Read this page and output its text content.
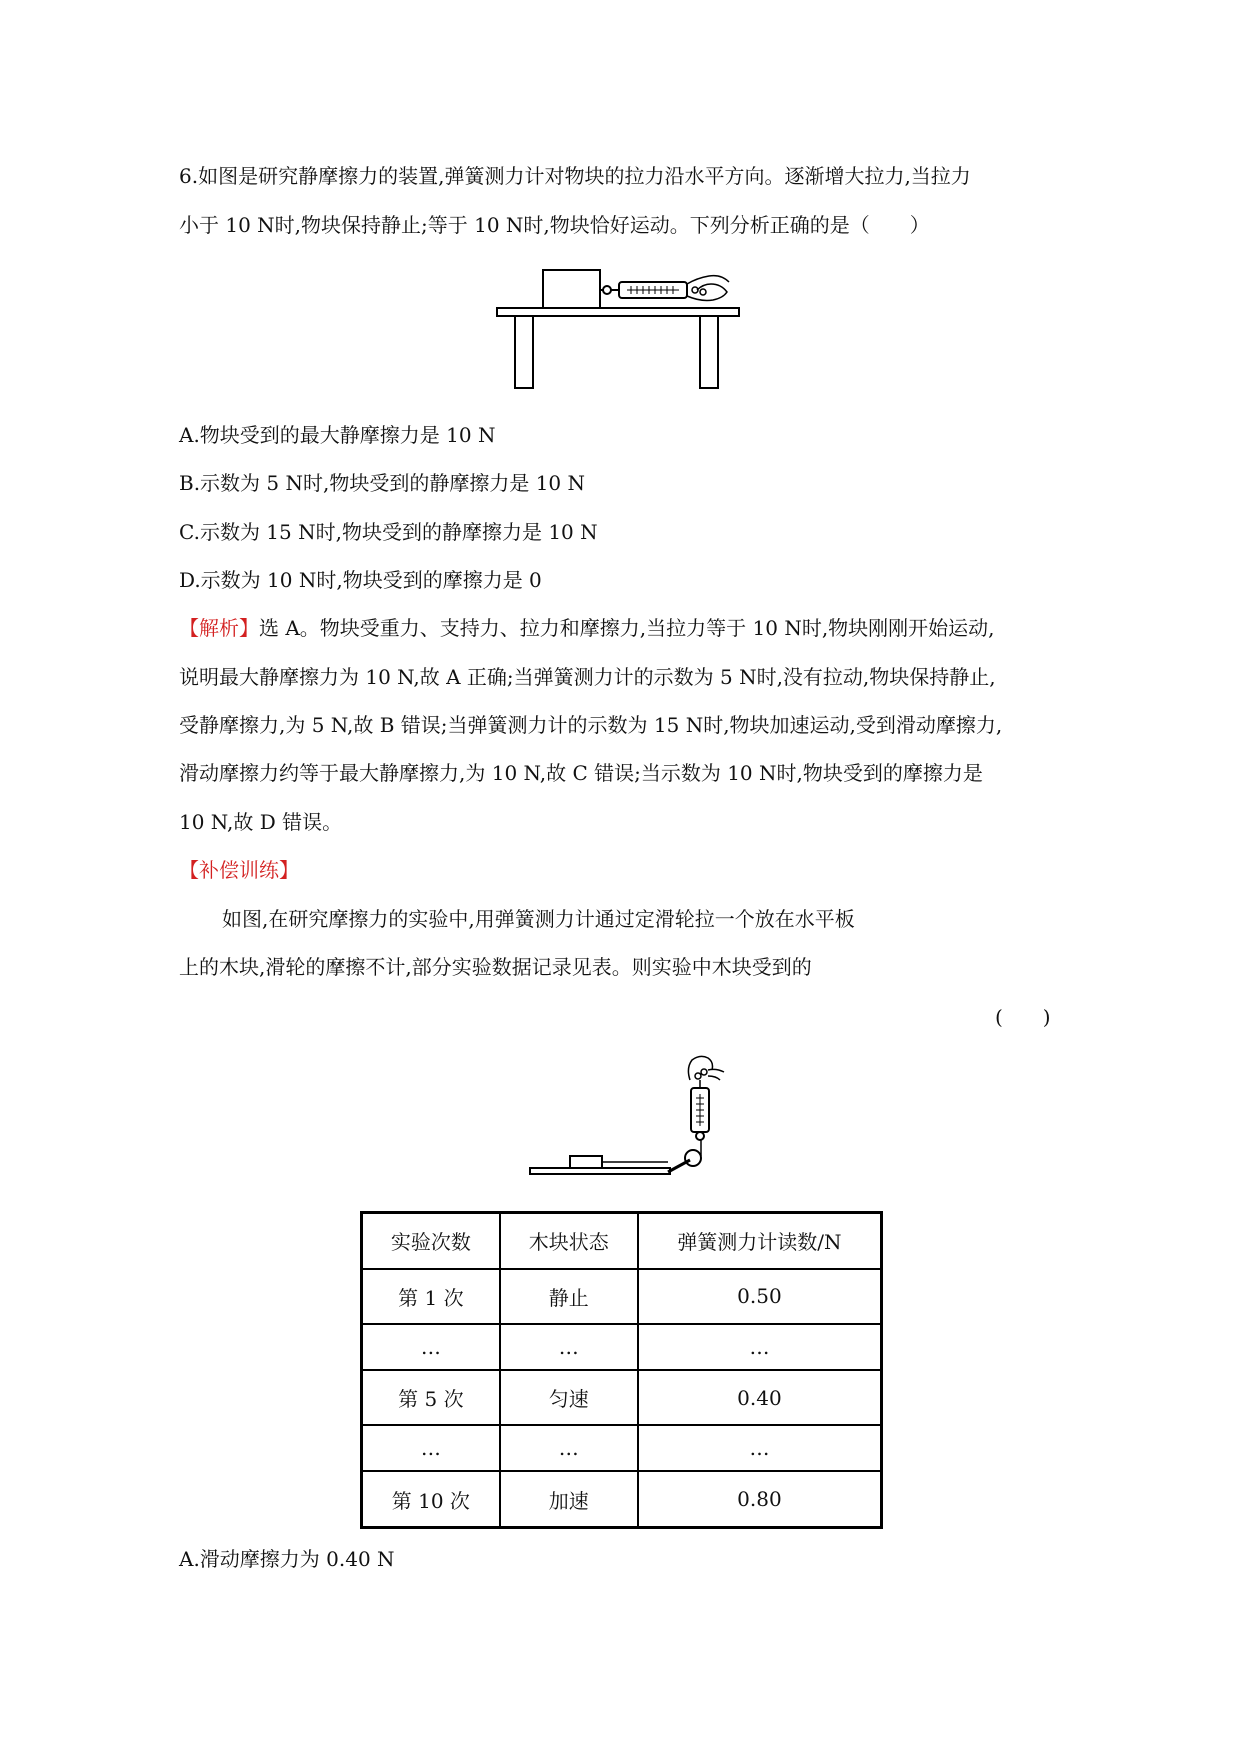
6.如图是研究静摩擦力的装置,弹簧测力计对物块的拉力沿水平方向。逐渐增大拉力,当拉力
小于 10 N时,物块保持静止;等于 10 N时,物块恰好运动。下列分析正确的是（　　）
A.物块受到的最大静摩擦力是 10 N
B.示数为 5 N时,物块受到的静摩擦力是 10 N
C.示数为 15 N时,物块受到的静摩擦力是 10 N
D.示数为 10 N时,物块受到的摩擦力是 0
【解析】选 A。物块受重力、支持力、拉力和摩擦力,当拉力等于 10 N时,物块刚刚开始运动,
说明最大静摩擦力为 10 N,故 A 正确;当弹簧测力计的示数为 5 N时,没有拉动,物块保持静止,
受静摩擦力,为 5 N,故 B 错误;当弹簧测力计的示数为 15 N时,物块加速运动,受到滑动摩擦力,
滑动摩擦力约等于最大静摩擦力,为 10 N,故 C 错误;当示数为 10 N时,物块受到的摩擦力是
10 N,故 D 错误。
【补偿训练】
如图,在研究摩擦力的实验中,用弹簧测力计通过定滑轮拉一个放在水平板
上的木块,滑轮的摩擦不计,部分实验数据记录见表。则实验中木块受到的
(　　)
实验次数	木块状态	弹簧测力计读数/N
第 1 次	静止	0.50
…	…	…
第 5 次	匀速	0.40
…	…	…
第 10 次	加速	0.80
A.滑动摩擦力为 0.40 N
